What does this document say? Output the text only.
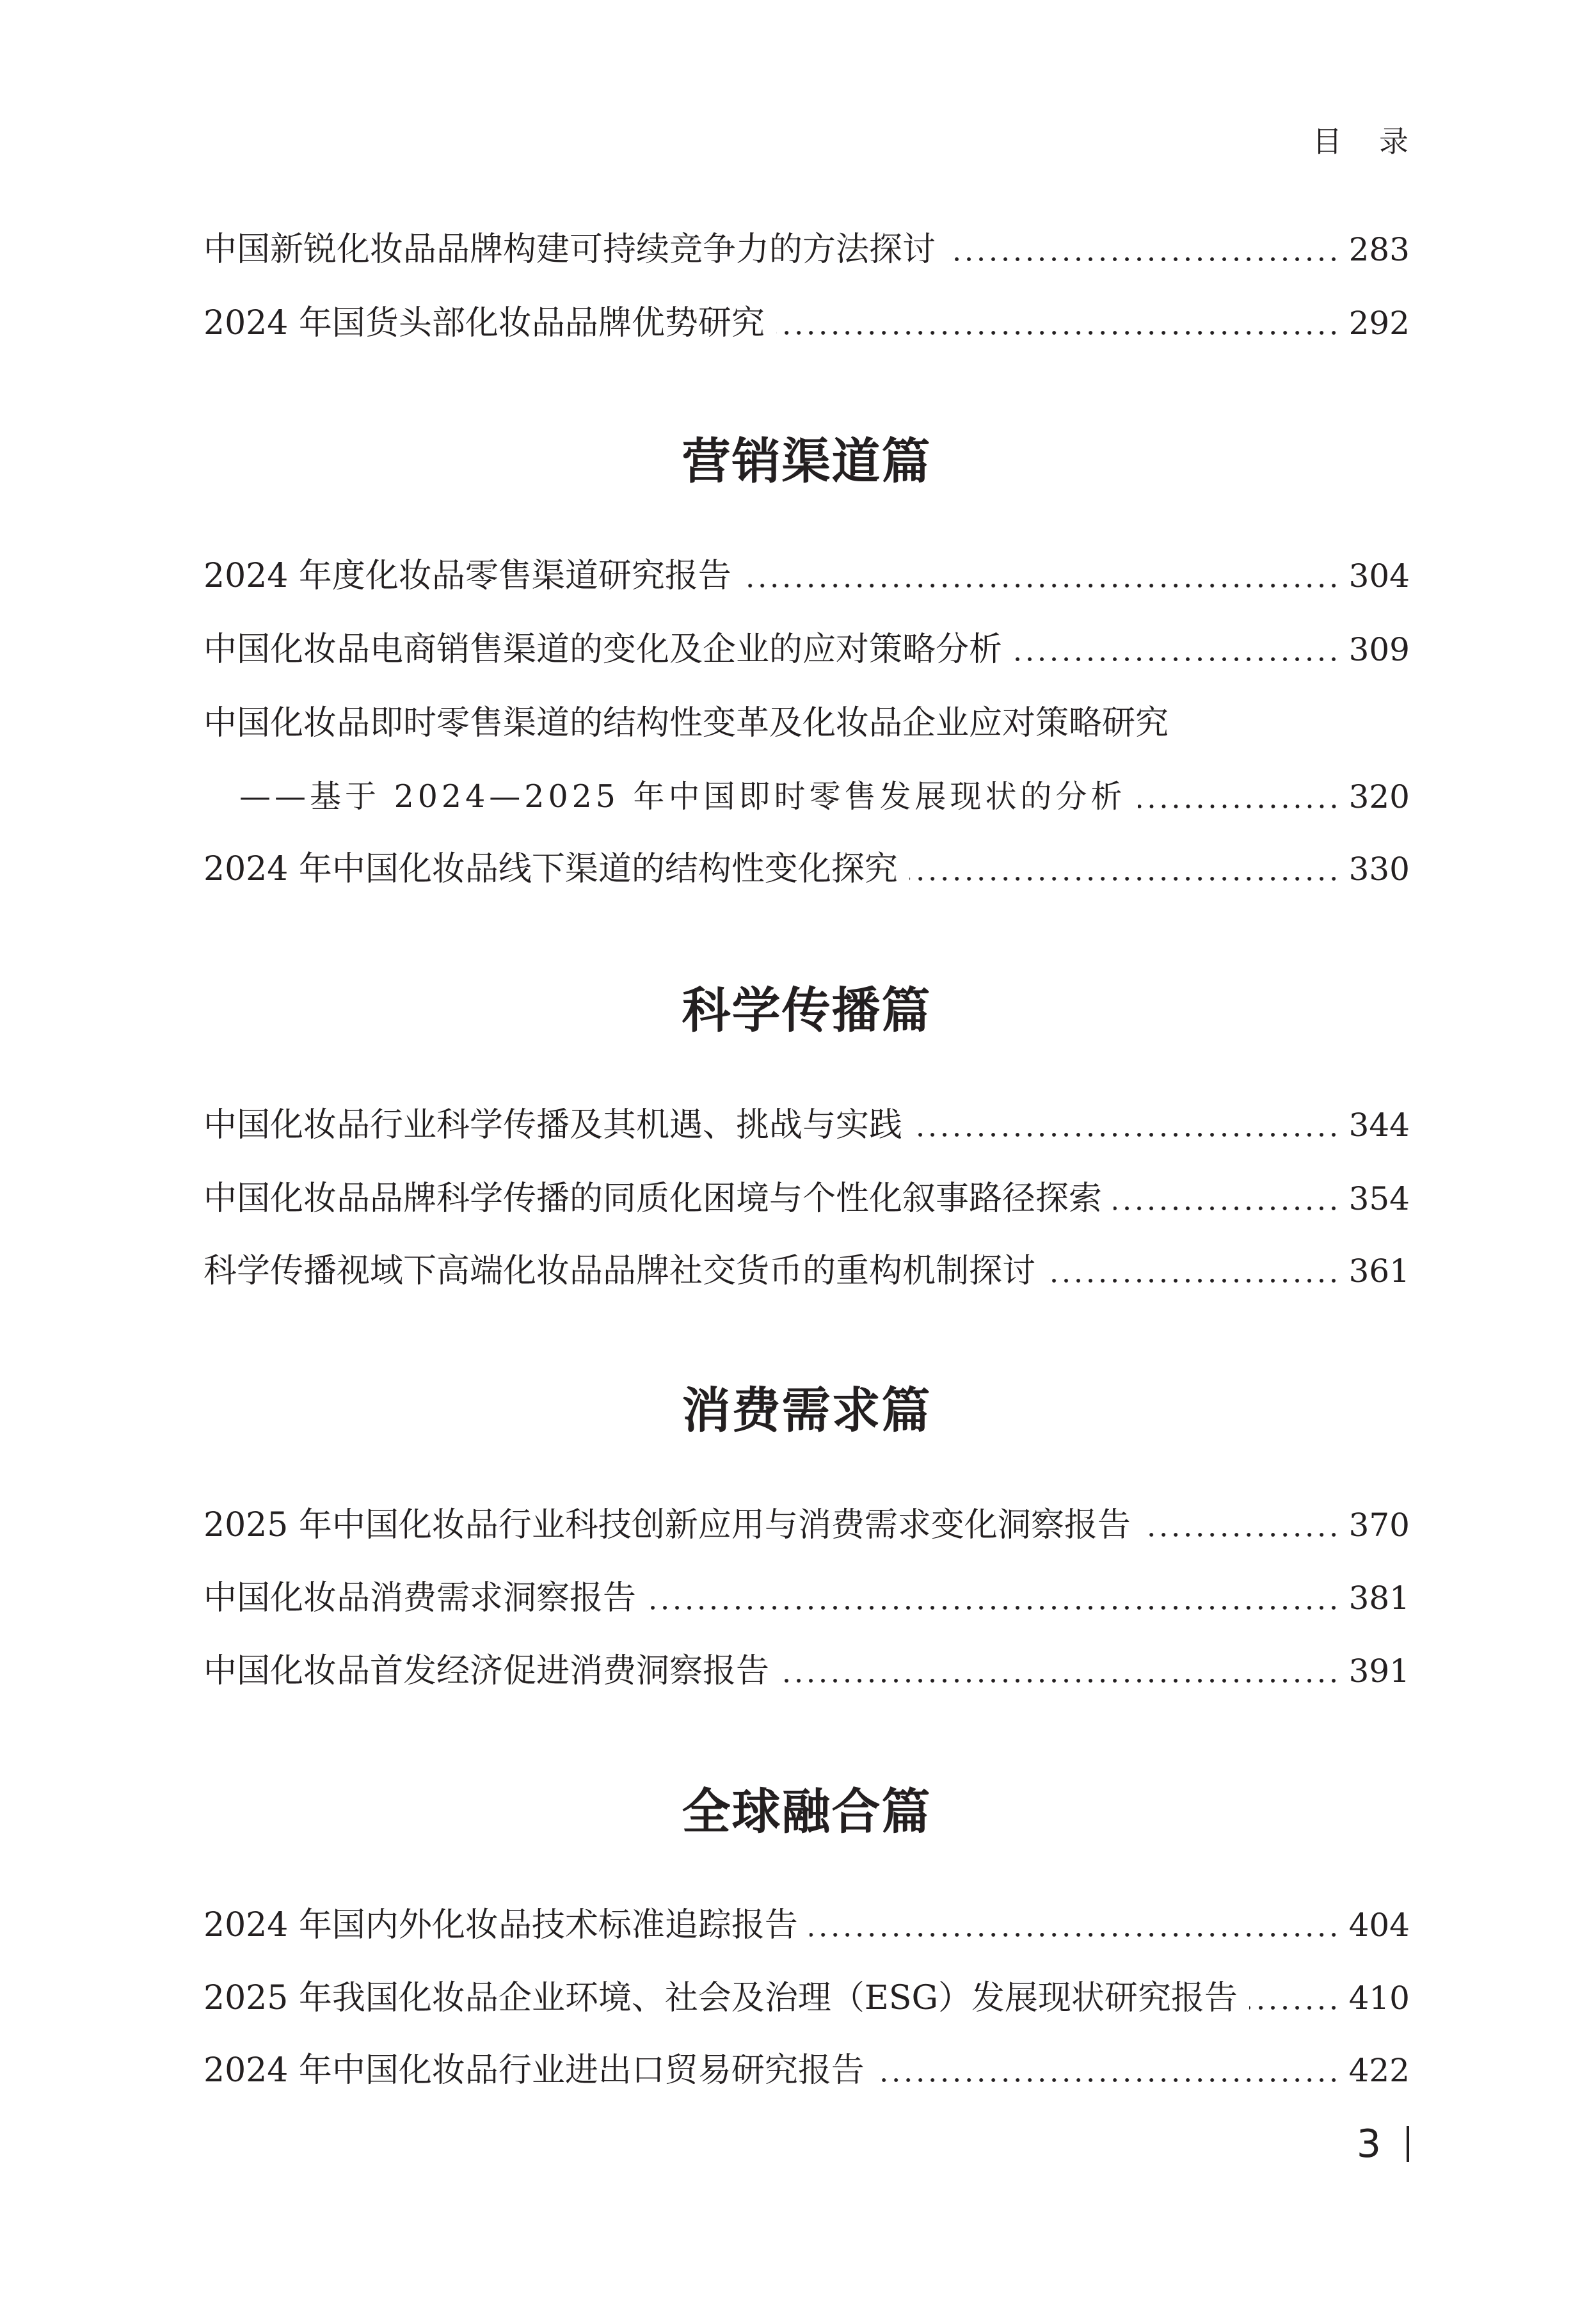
目录
中国新锐化妆品品牌构建可持续竞争力的方法探讨	283
2024 年国货头部化妆品品牌优势研究	292
营销渠道篇
2024 年度化妆品零售渠道研究报告	304
中国化妆品电商销售渠道的变化及企业的应对策略分析	309
中国化妆品即时零售渠道的结构性变革及化妆品企业应对策略研究
——基于 2024—2025 年中国即时零售发展现状的分析	320
2024 年中国化妆品线下渠道的结构性变化探究	330
科学传播篇
中国化妆品行业科学传播及其机遇、挑战与实践	344
中国化妆品品牌科学传播的同质化困境与个性化叙事路径探索	354
科学传播视域下高端化妆品品牌社交货币的重构机制探讨	361
消费需求篇
2025 年中国化妆品行业科技创新应用与消费需求变化洞察报告	370
中国化妆品消费需求洞察报告	381
中国化妆品首发经济促进消费洞察报告	391
全球融合篇
2024 年国内外化妆品技术标准追踪报告	404
2025 年我国化妆品企业环境、社会及治理（ESG）发展现状研究报告	410
2024 年中国化妆品行业进出口贸易研究报告	422
3
